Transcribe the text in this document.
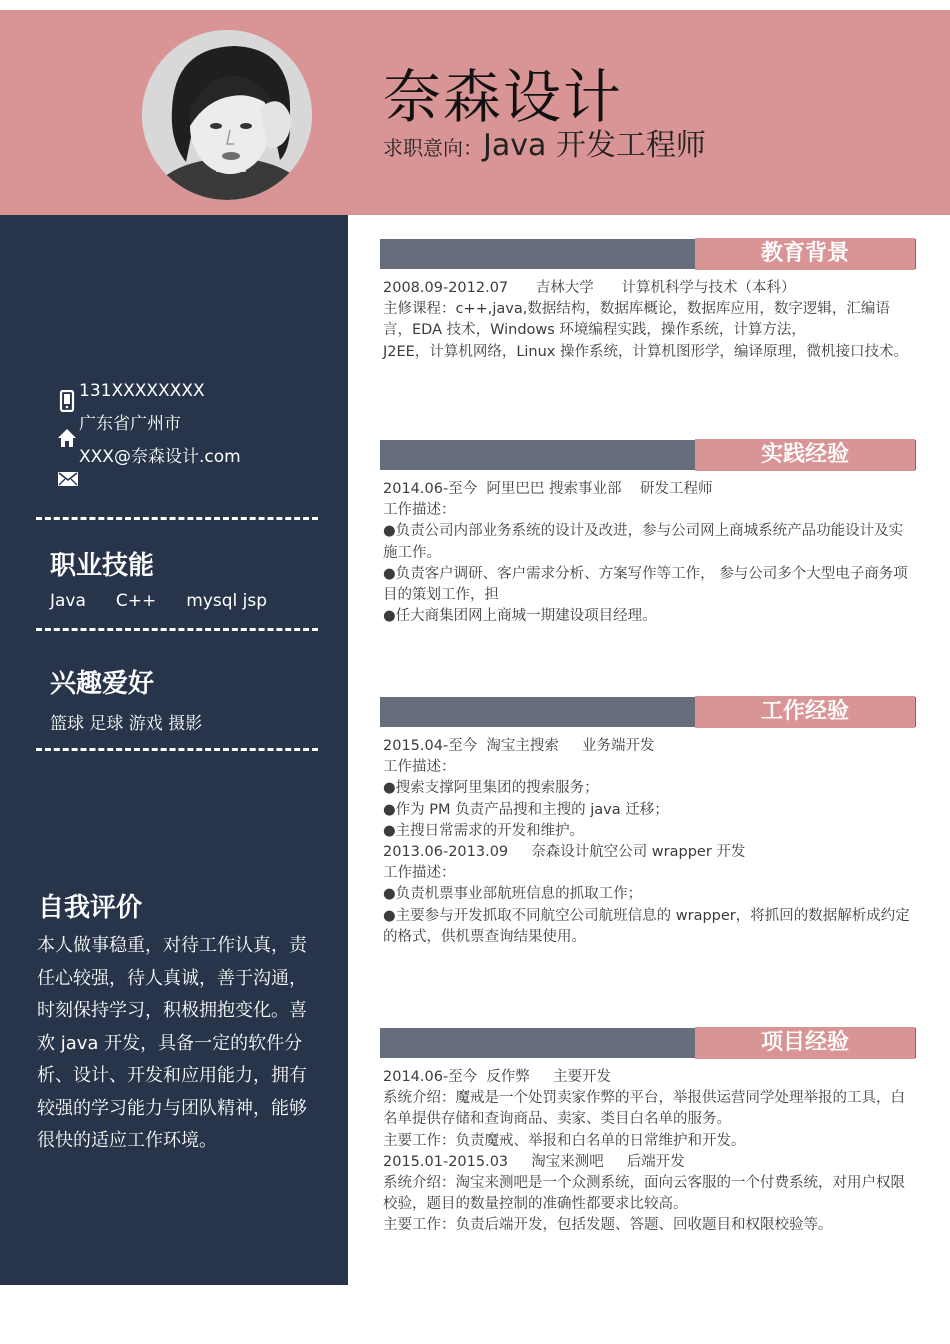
奈森设计
求职意向：Java 开发工程师
131XXXXXXXX
广东省广州市
XXX@奈森设计.com
职业技能
Java C++ mysql jsp
兴趣爱好
篮球 足球 游戏 摄影
自我评价

本人做事稳重，对待工作认真，责任心较强，待人真诚，善于沟通，时刻保持学习，积极拥抱变化。喜欢 java 开发，具备一定的软件分析、设计、开发和应用能力，拥有较强的学习能力与团队精神，能够很快的适应工作环境。

教育背景

2008.09-2012.07      吉林大学      计算机科学与技术（本科）

主修课程：c++,java,数据结构，数据库概论，数据库应用，数字逻辑，汇编语言，EDA 技术，Windows 环境编程实践，操作系统，计算方法，

J2EE，计算机网络，Linux 操作系统，计算机图形学，编译原理，微机接口技术。

实践经验

2014.06-至今  阿里巴巴 搜索事业部    研发工程师

工作描述：

●负责公司内部业务系统的设计及改进，参与公司网上商城系统产品功能设计及实施工作。

●负责客户调研、客户需求分析、方案写作等工作， 参与公司多个大型电子商务项目的策划工作，担

●任大商集团网上商城一期建设项目经理。

工作经验

2015.04-至今  淘宝主搜索     业务端开发

工作描述：

●搜索支撑阿里集团的搜索服务；

●作为 PM 负责产品搜和主搜的 java 迁移；

●主搜日常需求的开发和维护。

2013.06-2013.09     奈森设计航空公司 wrapper 开发

工作描述：

●负责机票事业部航班信息的抓取工作；

●主要参与开发抓取不同航空公司航班信息的 wrapper，将抓回的数据解析成约定的格式，供机票查询结果使用。

项目经验

2014.06-至今  反作弊     主要开发

系统介绍：魔戒是一个处罚卖家作弊的平台，举报供运营同学处理举报的工具，白名单提供存储和查询商品、卖家、类目白名单的服务。

主要工作：负责魔戒、举报和白名单的日常维护和开发。

2015.01-2015.03     淘宝来测吧     后端开发

系统介绍：淘宝来测吧是一个众测系统，面向云客服的一个付费系统，对用户权限校验，题目的数量控制的准确性都要求比较高。

主要工作：负责后端开发，包括发题、答题、回收题目和权限校验等。
